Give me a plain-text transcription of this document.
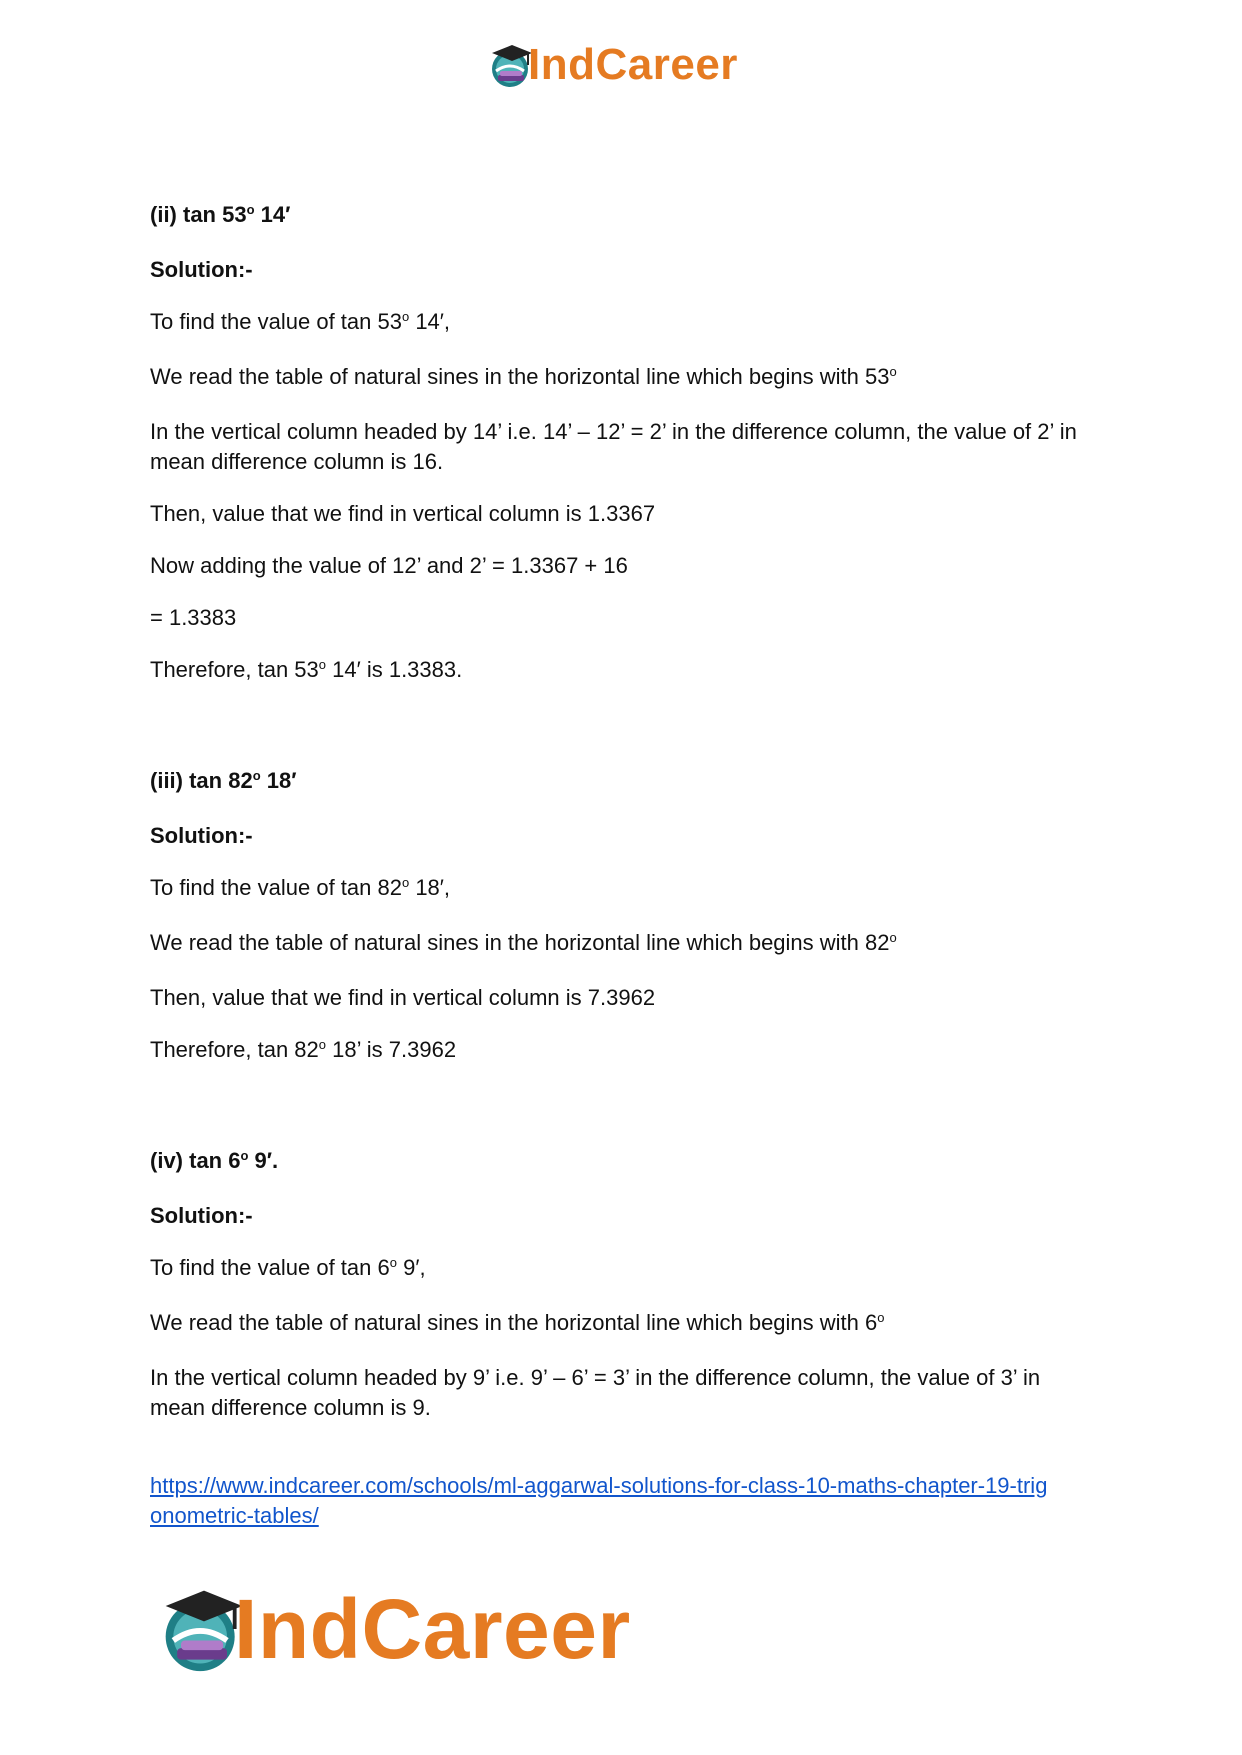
IndCareer

(ii) tan 53$^o$ 14′

Solution:-

To find the value of tan 53$^o$ 14′,

We read the table of natural sines in the horizontal line which begins with 53$^o$

In the vertical column headed by 14’ i.e. 14’ – 12’ = 2’ in the difference column, the value of 2’ in mean difference column is 16.

Then, value that we find in vertical column is 1.3367

Now adding the value of 12’ and 2’ = 1.3367 + 16

= 1.3383

Therefore, tan 53$^o$ 14′ is 1.3383.

(iii) tan 82$^o$ 18′

Solution:-

To find the value of tan 82$^o$ 18′,

We read the table of natural sines in the horizontal line which begins with 82$^o$

Then, value that we find in vertical column is 7.3962

Therefore, tan 82$^o$ 18’ is 7.3962

(iv) tan 6$^o$ 9′.

Solution:-

To find the value of tan 6$^o$ 9′,

We read the table of natural sines in the horizontal line which begins with 6$^o$

In the vertical column headed by 9’ i.e. 9’ – 6’ = 3’ in the difference column, the value of 3’ in mean difference column is 9.

https://www.indcareer.com/schools/ml-aggarwal-solutions-for-class-10-maths-chapter-19-trig
onometric-tables/
IndCareer
